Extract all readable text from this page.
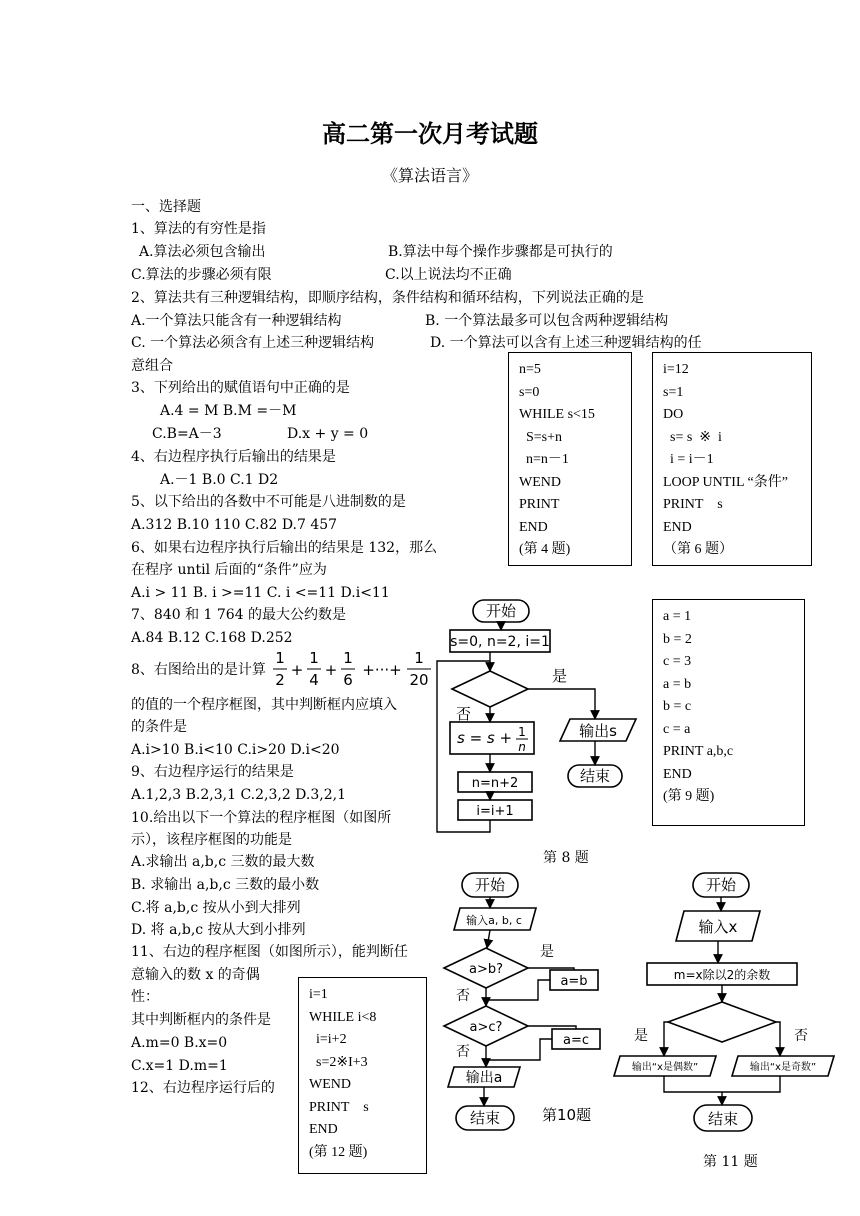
高二第一次月考试题
《算法语言》
一、选择题
1、算法的有穷性是指
A.算法必须包含输出	B.算法中每个操作步骤都是可执行的
C.算法的步骤必须有限	C.以上说法均不正确
2、算法共有三种逻辑结构，即顺序结构，条件结构和循环结构，下列说法正确的是
A.一个算法只能含有一种逻辑结构	B. 一个算法最多可以包含两种逻辑结构
C. 一个算法必须含有上述三种逻辑结构	D. 一个算法可以含有上述三种逻辑结构的任
意组合
3、下列给出的赋值语句中正确的是
A.4 = M B.M =－M
C.B=A－3	D.x + y = 0
4、右边程序执行后输出的结果是
A.－1 B.0 C.1 D2
5、以下给出的各数中不可能是八进制数的是
A.312 B.10 110 C.82 D.7 457
6、如果右边程序执行后输出的结果是 132，那么
在程序 until 后面的“条件”应为
A.i > 11 B. i >=11 C. i <=11 D.i<11
7、840 和 1 764 的最大公约数是
A.84 B.12 C.168 D.252
8、右图给出的是计算
1
2
+
1
4
+
1
6
+···+
1
20
的值的一个程序框图，其中判断框内应填入
的条件是
A.i>10 B.i<10 C.i>20 D.i<20
9、右边程序运行的结果是
A.1,2,3 B.2,3,1 C.2,3,2 D.3,2,1
10.给出以下一个算法的程序框图（如图所
示），该程序框图的功能是
A.求输出 a,b,c 三数的最大数
B. 求输出 a,b,c 三数的最小数
C.将 a,b,c 按从小到大排列
D. 将 a,b,c 按从大到小排列
11、右边的程序框图（如图所示），能判断任
意输入的数 x 的奇偶
性：
其中判断框内的条件是
A.m=0 B.x=0
C.x=1 D.m=1
12、右边程序运行后的
n=5
s=0
WHILE s<15
S=s+n
n=n－1
WEND
PRINT
END
(第 4 题)
i=12
s=1
DO
s= s  ※  i
i = i－1
LOOP UNTIL “条件”
PRINT    s
END
（第 6 题）
a = 1
b = 2
c = 3
a = b
b = c
c = a
PRINT a,b,c
END
(第 9 题)
i=1
WHILE i<8
i=i+2
s=2※I+3
WEND
PRINT    s
END
(第 12 题)
开始
s=0, n=2, i=1
是
否
s = s + 1
n
输出s
结束
n=n+2
i=i+1
第 8 题
开始
输入a, b, c
a>b?
是
否
a=b
a>c?
否
a=c
输出a
结束	第10题
开始
输入x
m=x除以2的余数
是	否
输出“x是偶数”	输出“x是奇数”
结束
第 11 题
